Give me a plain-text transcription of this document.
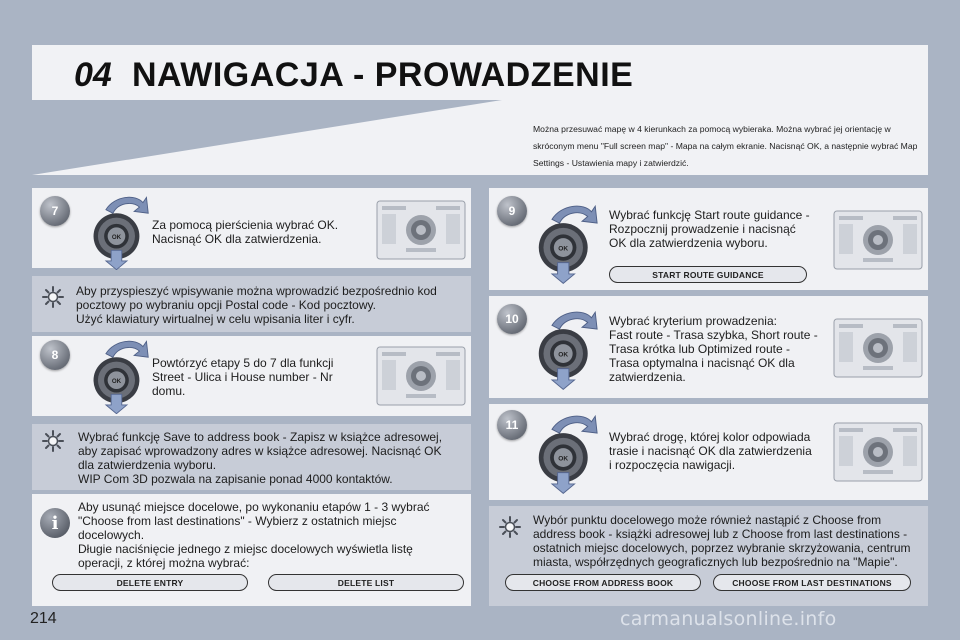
04 NAWIGACJA - PROWADZENIE
Można przesuwać mapę w 4 kierunkach za pomocą wybieraka. Można wybrać jej orientację w skróconym menu "Full screen map" - Mapa na całym ekranie. Nacisnąć OK, a następnie wybrać Map Settings - Ustawienia mapy i zatwierdzić.
7
Za pomocą pierścienia wybrać OK.
Nacisnąć OK dla zatwierdzenia.
Aby przyspieszyć wpisywanie można wprowadzić bezpośrednio kod
pocztowy po wybraniu opcji Postal code - Kod pocztowy.
Użyć klawiatury wirtualnej w celu wpisania liter i cyfr.
8
Powtórzyć etapy 5 do 7 dla funkcji
Street - Ulica i House number - Nr
domu.
Wybrać funkcję Save to address book - Zapisz w książce adresowej,
aby zapisać wprowadzony adres w książce adresowej. Nacisnąć OK
dla zatwierdzenia wyboru.
WIP Com 3D pozwala na zapisanie ponad 4000 kontaktów.
i
Aby usunąć miejsce docelowe, po wykonaniu etapów 1 - 3 wybrać
"Choose from last destinations" - Wybierz z ostatnich miejsc
docelowych.
Długie naciśnięcie jednego z miejsc docelowych wyświetla listę
operacji, z której można wybrać:
DELETE ENTRY	DELETE LIST
9	Wybrać funkcję Start route guidance -
Rozpocznij prowadzenie i nacisnąć
OK dla zatwierdzenia wyboru.
START ROUTE GUIDANCE
10	Wybrać kryterium prowadzenia:
Fast route - Trasa szybka, Short route -
Trasa krótka lub Optimized route -
Trasa optymalna i nacisnąć OK dla
zatwierdzenia.
11
Wybrać drogę, której kolor odpowiada
trasie i nacisnąć OK dla zatwierdzenia
i rozpoczęcia nawigacji.
Wybór punktu docelowego może również nastąpić z Choose from
address book - książki adresowej lub z Choose from last destinations -
ostatnich miejsc docelowych, poprzez wybranie skrzyżowania, centrum
miasta, współrzędnych geograficznych lub bezpośrednio na "Mapie".
CHOOSE FROM ADDRESS BOOK	CHOOSE FROM LAST DESTINATIONS
214	carmanualsonline.info
